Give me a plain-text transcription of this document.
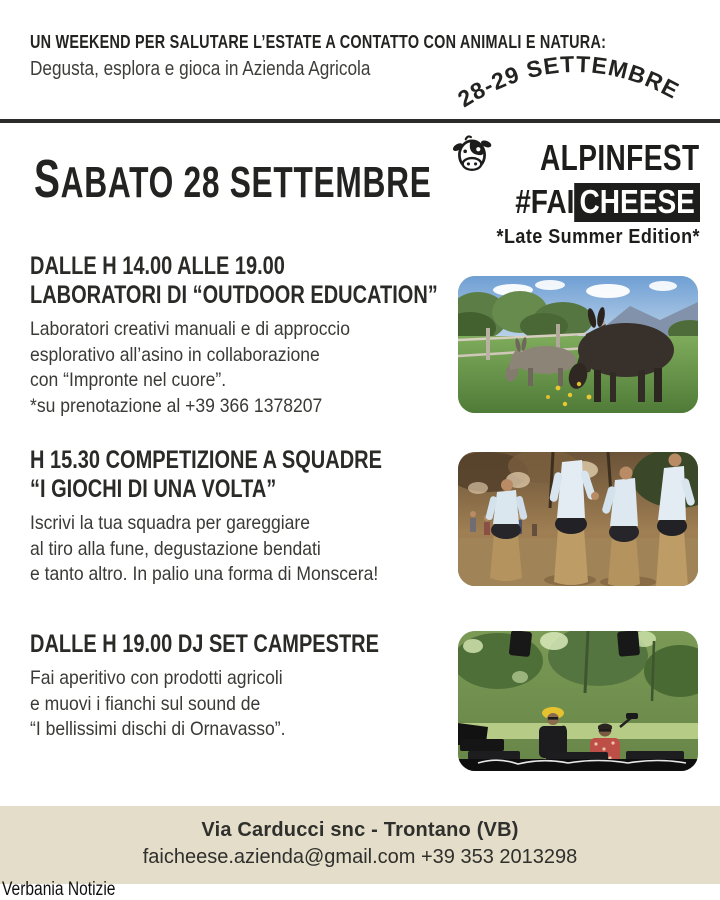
UN WEEKEND PER SALUTARE L’ESTATE A CONTATTO CON ANIMALI E NATURA:
Degusta, esplora e gioca in Azienda Agricola
28-29 SETTEMBRE
SABATO 28 SETTEMBRE
ALPINFEST
#FAI CHEESE
*Late Summer Edition*
DALLE H 14.00 ALLE 19.00
LABORATORI DI “OUTDOOR EDUCATION”
Laboratori creativi manuali e di approccio
esplorativo all’asino in collaborazione
con “Impronte nel cuore”.
*su prenotazione al +39 366 1378207
H 15.30 COMPETIZIONE A SQUADRE
“I GIOCHI DI UNA VOLTA”
Iscrivi la tua squadra per gareggiare
al tiro alla fune, degustazione bendati
e tanto altro. In palio una forma di Monscera!
DALLE H 19.00 DJ SET CAMPESTRE
Fai aperitivo con prodotti agricoli
e muovi i fianchi sul sound de
“I bellissimi dischi di Ornavasso”.
Via Carducci snc - Trontano (VB)
faicheese.azienda@gmail.com +39 353 2013298
Verbania Notizie
